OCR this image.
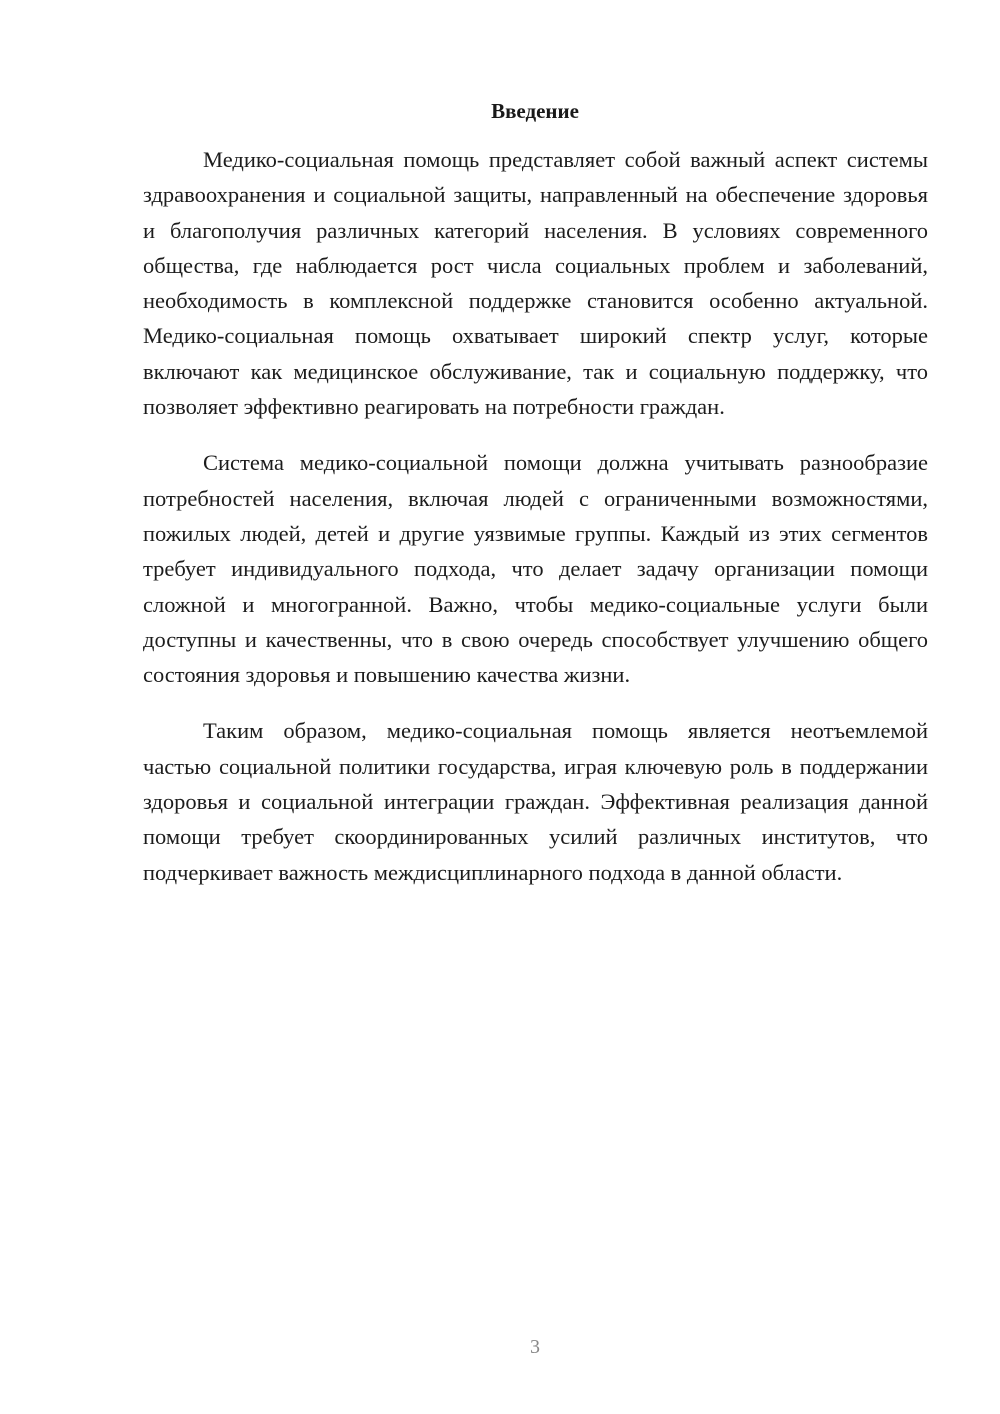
Введение

Медико-социальная помощь представляет собой важный аспект системы здравоохранения и социальной защиты, направленный на обеспечение здоровья и благополучия различных категорий населения. В условиях современного общества, где наблюдается рост числа социальных проблем и заболеваний, необходимость в комплексной поддержке становится особенно актуальной. Медико-социальная помощь охватывает широкий спектр услуг, которые включают как медицинское обслуживание, так и социальную поддержку, что позволяет эффективно реагировать на потребности граждан.

Система медико-социальной помощи должна учитывать разнообразие потребностей населения, включая людей с ограниченными возможностями, пожилых людей, детей и другие уязвимые группы. Каждый из этих сегментов требует индивидуального подхода, что делает задачу организации помощи сложной и многогранной. Важно, чтобы медико-социальные услуги были доступны и качественны, что в свою очередь способствует улучшению общего состояния здоровья и повышению качества жизни.

Таким образом, медико-социальная помощь является неотъемлемой частью социальной политики государства, играя ключевую роль в поддержании здоровья и социальной интеграции граждан. Эффективная реализация данной помощи требует скоординированных усилий различных институтов, что подчеркивает важность междисциплинарного подхода в данной области.

3
